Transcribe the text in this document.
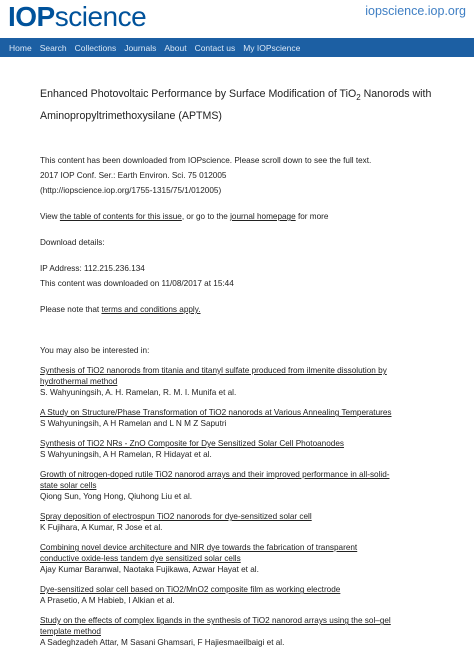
IOPscience	iopscience.iop.org
Home Search Collections Journals About Contact us My IOPscience

Enhanced Photovoltaic Performance by Surface Modification of TiO$_2$ Nanorods with Aminopropyltrimethoxysilane (APTMS)

This content has been downloaded from IOPscience. Please scroll down to see the full text.

2017 IOP Conf. Ser.: Earth Environ. Sci. 75 012005

(http://iopscience.iop.org/1755-1315/75/1/012005)

View the table of contents for this issue, or go to the journal homepage for more

Download details:

IP Address: 112.215.236.134

This content was downloaded on 11/08/2017 at 15:44

Please note that terms and conditions apply.

You may also be interested in:

Synthesis of TiO2 nanorods from titania and titanyl sulfate produced from ilmenite dissolution by hydrothermal method
S. Wahyuningsih, A. H. Ramelan, R. M. I. Munifa et al.
A Study on Structure/Phase Transformation of TiO2 nanorods at Various Annealing Temperatures
S Wahyuningsih, A H Ramelan and L N M Z Saputri
Synthesis of TiO2 NRs - ZnO Composite for Dye Sensitized Solar Cell Photoanodes
S Wahyuningsih, A H Ramelan, R Hidayat et al.
Growth of nitrogen-doped rutile TiO2 nanorod arrays and their improved performance in all-solid-state solar cells
Qiong Sun, Yong Hong, Qiuhong Liu et al.
Spray deposition of electrospun TiO2 nanorods for dye-sensitized solar cell
K Fujihara, A Kumar, R Jose et al.
Combining novel device architecture and NIR dye towards the fabrication of transparent conductive oxide-less tandem dye sensitized solar cells
Ajay Kumar Baranwal, Naotaka Fujikawa, Azwar Hayat et al.
Dye-sensitized solar cell based on TiO2/MnO2 composite film as working electrode
A Prasetio, A M Habieb, I Alkian et al.
Study on the effects of complex ligands in the synthesis of TiO2 nanorod arrays using the sol–gel template method
A Sadeghzadeh Attar, M Sasani Ghamsari, F Hajiesmaeilbaigi et al.
